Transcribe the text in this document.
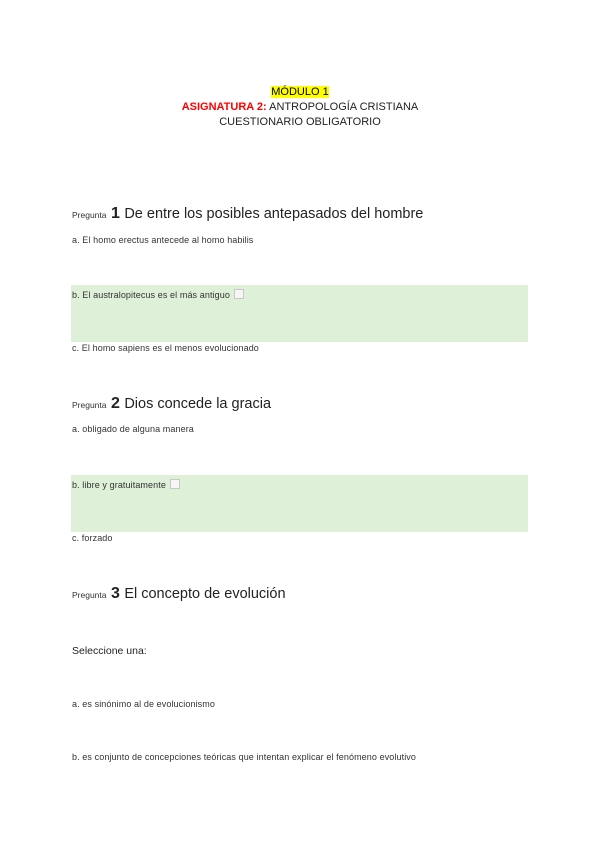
MÓDULO 1
ASIGNATURA 2: ANTROPOLOGÍA CRISTIANA
CUESTIONARIO OBLIGATORIO
Pregunta 1 De entre los posibles antepasados del hombre
a. El homo erectus antecede al homo habilis
b. El australopitecus es el más antiguo
c. El homo sapiens es el menos evolucionado
Pregunta 2 Dios concede la gracia
a. obligado de alguna manera
b. libre y gratuitamente
c. forzado
Pregunta 3 El concepto de evolución
Seleccione una:
a. es sinónimo al de evolucionismo
b. es conjunto de concepciones teóricas que intentan explicar el fenómeno evolutivo
